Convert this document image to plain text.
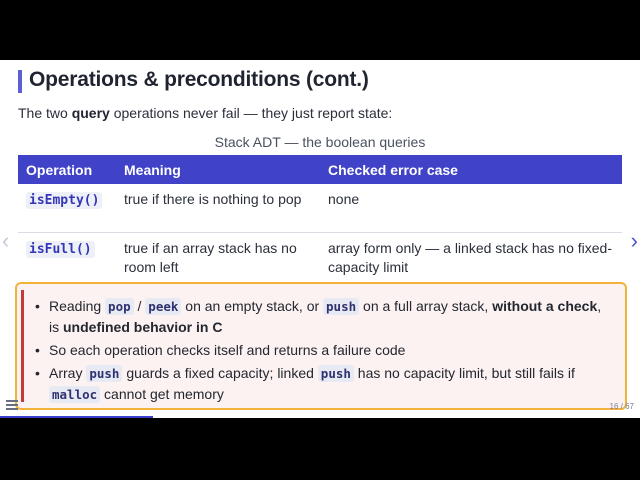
Operations & preconditions (cont.)

The two query operations never fail — they just report state:

Stack ADT — the boolean queries
Operation	Meaning	Checked error case
isEmpty()	true if there is nothing to pop	none
isFull()	true if an array stack has no room left	array form only — a linked stack has no fixed-capacity limit
‹	›
• Reading pop / peek on an empty stack, or push on a full array stack, without a check, is undefined behavior in C
• So each operation checks itself and returns a failure code
• Array push guards a fixed capacity; linked push has no capacity limit, but still fails if malloc cannot get memory
16 / 67
